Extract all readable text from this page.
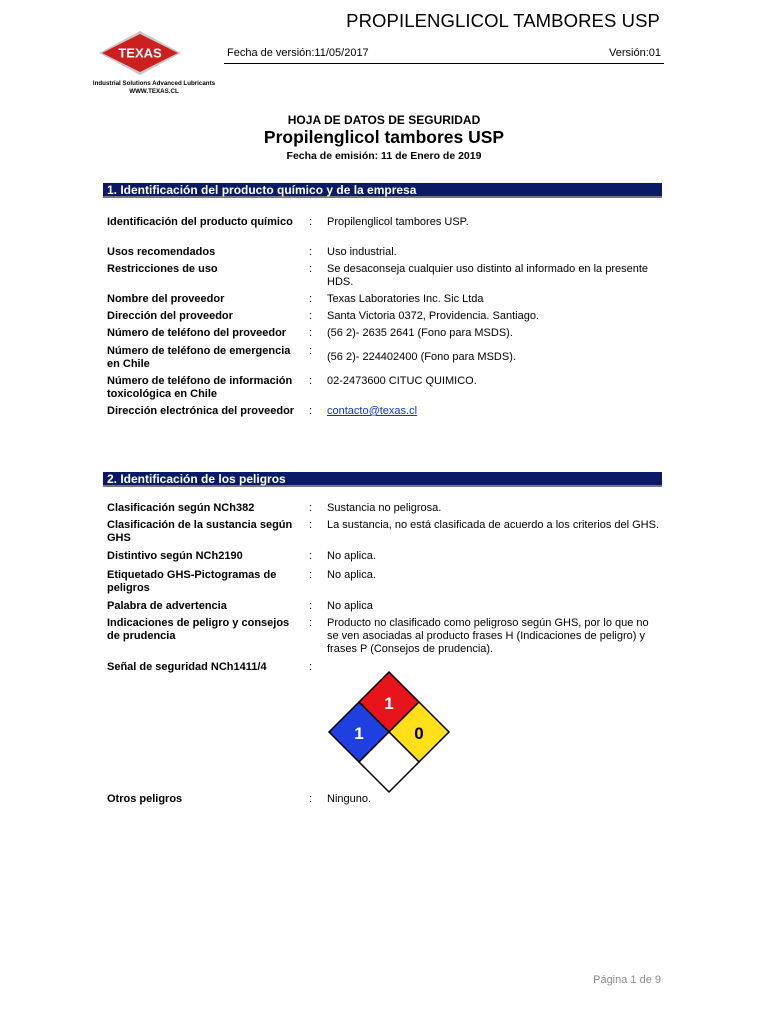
PROPILENGLICOL TAMBORES USP
TEXAS
Industrial Solutions Advanced Lubricants
WWW.TEXAS.CL
Fecha de versión:11/05/2017	Versión:01
HOJA DE DATOS DE SEGURIDAD
Propilenglicol tambores USP
Fecha de emisión: 11 de Enero de 2019
1. Identificación del producto químico y de la empresa
Identificación del producto químico	:	Propilenglicol tambores USP.
Usos recomendados	:	Uso industrial.
Restricciones de uso	:	Se desaconseja cualquier uso distinto al informado en la presente HDS.
Nombre del proveedor	:	Texas Laboratories Inc. Sic Ltda
Dirección del proveedor	:	Santa Victoria 0372, Providencia. Santiago.
Número de teléfono del proveedor	:	(56 2)- 2635 2641 (Fono para MSDS).
Número de teléfono de emergencia en Chile
:	(56 2)- 224402400 (Fono para MSDS).
Número de teléfono de información toxicológica en Chile
:	02-2473600 CITUC QUIMICO.
Dirección electrónica del proveedor :	contacto@texas.cl
2. Identificación de los peligros
Clasificación según NCh382	:	Sustancia no peligrosa.
Clasificación de la sustancia según GHS
:	La sustancia, no está clasificada de acuerdo a los criterios del GHS.
Distintivo según NCh2190	:	No aplica.
Etiquetado GHS-Pictogramas de peligros
:	No aplica.
Palabra de advertencia	:	No aplica
Indicaciones de peligro y consejos de prudencia
:	Producto no clasificado como peligroso según GHS, por lo que no se ven asociadas al producto frases H (Indicaciones de peligro) y frases P (Consejos de prudencia).
Señal de seguridad NCh1411/4	:
1
1	0
Otros peligros	:	Ninguno.
Página 1 de 9
